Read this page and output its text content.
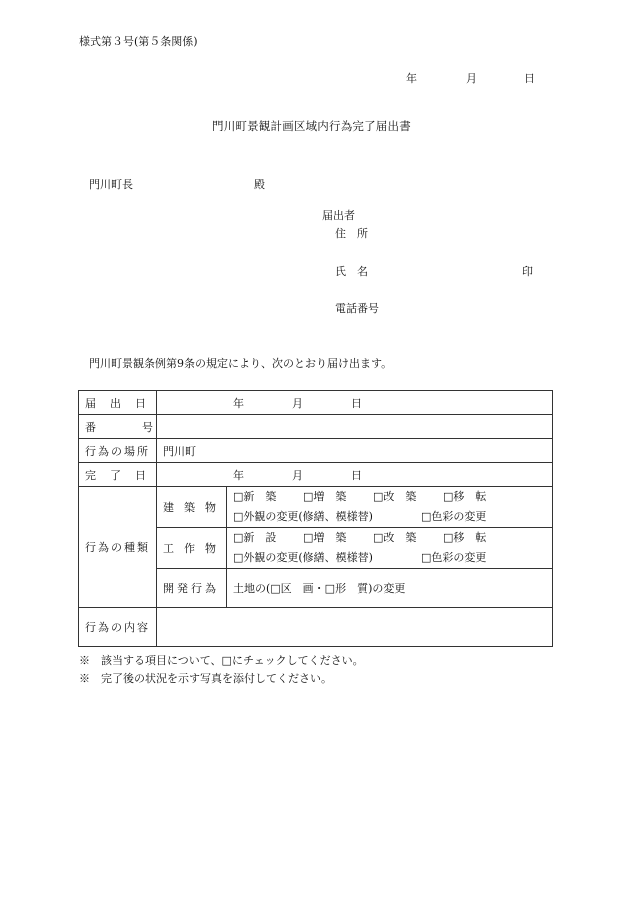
様式第３号(第５条関係)
年	月	日
門川町景観計画区域内行為完了届出書
門川町長	殿
届出者
住所
氏名	印
電話番号
門川町景観条例第9条の規定により、次のとおり届け出ます。
届出日	年 月 日	
番号		
行為の場所	門川町	
完了日	年 月 日	
行為の種類	建築物	□新　築 □増　築 □改　築 □移　転
□外観の変更(修繕、模様替) □色彩の変更

	工作物	□新　設 □増　築 □改　築 □移　転
□外観の変更(修繕、模様替) □色彩の変更

	開発行為	土地の(□区　画・□形　質)の変更
行為の内容		
※　該当する項目について、□にチェックしてください。
※　完了後の状況を示す写真を添付してください。
